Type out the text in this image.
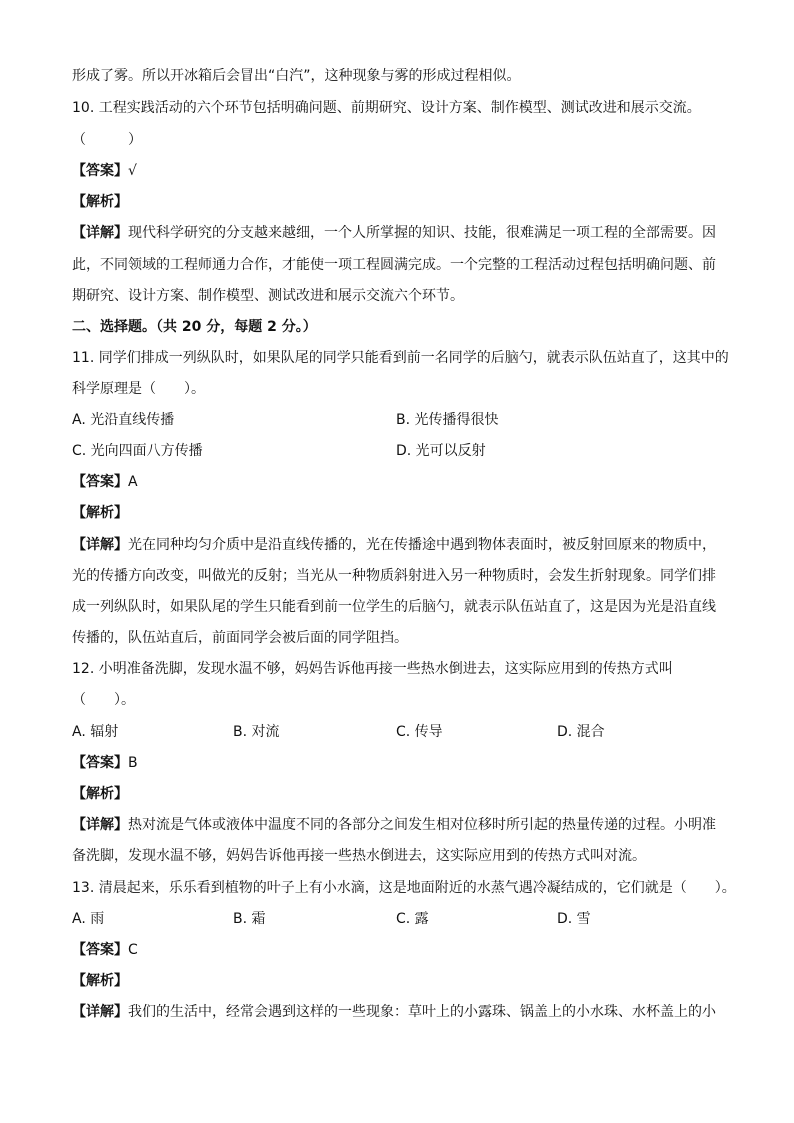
形成了雾。所以开冰箱后会冒出“白汽”，这种现象与雾的形成过程相似。
10. 工程实践活动的六个环节包括明确问题、前期研究、设计方案、制作模型、测试改进和展示交流。
（　　　）
【答案】√
【解析】
【详解】现代科学研究的分支越来越细，一个人所掌握的知识、技能，很难满足一项工程的全部需要。因
此，不同领域的工程师通力合作，才能使一项工程圆满完成。一个完整的工程活动过程包括明确问题、前
期研究、设计方案、制作模型、测试改进和展示交流六个环节。
二、选择题。（共 20 分，每题 2 分。）
11. 同学们排成一列纵队时，如果队尾的同学只能看到前一名同学的后脑勺，就表示队伍站直了，这其中的
科学原理是（　　）。
A. 光沿直线传播	B. 光传播得很快
C. 光向四面八方传播	D. 光可以反射
【答案】A
【解析】
【详解】光在同种均匀介质中是沿直线传播的，光在传播途中遇到物体表面时，被反射回原来的物质中，
光的传播方向改变，叫做光的反射；当光从一种物质斜射进入另一种物质时，会发生折射现象。同学们排
成一列纵队时，如果队尾的学生只能看到前一位学生的后脑勺，就表示队伍站直了，这是因为光是沿直线
传播的，队伍站直后，前面同学会被后面的同学阻挡。
12. 小明准备洗脚，发现水温不够，妈妈告诉他再接一些热水倒进去，这实际应用到的传热方式叫
（　　）。
A. 辐射	B. 对流	C. 传导	D. 混合
【答案】B
【解析】
【详解】热对流是气体或液体中温度不同的各部分之间发生相对位移时所引起的热量传递的过程。小明准
备洗脚，发现水温不够，妈妈告诉他再接一些热水倒进去，这实际应用到的传热方式叫对流。
13. 清晨起来，乐乐看到植物的叶子上有小水滴，这是地面附近的水蒸气遇冷凝结成的，它们就是（　　）。
A. 雨	B. 霜	C. 露	D. 雪
【答案】C
【解析】
【详解】我们的生活中，经常会遇到这样的一些现象：草叶上的小露珠、锅盖上的小水珠、水杯盖上的小
